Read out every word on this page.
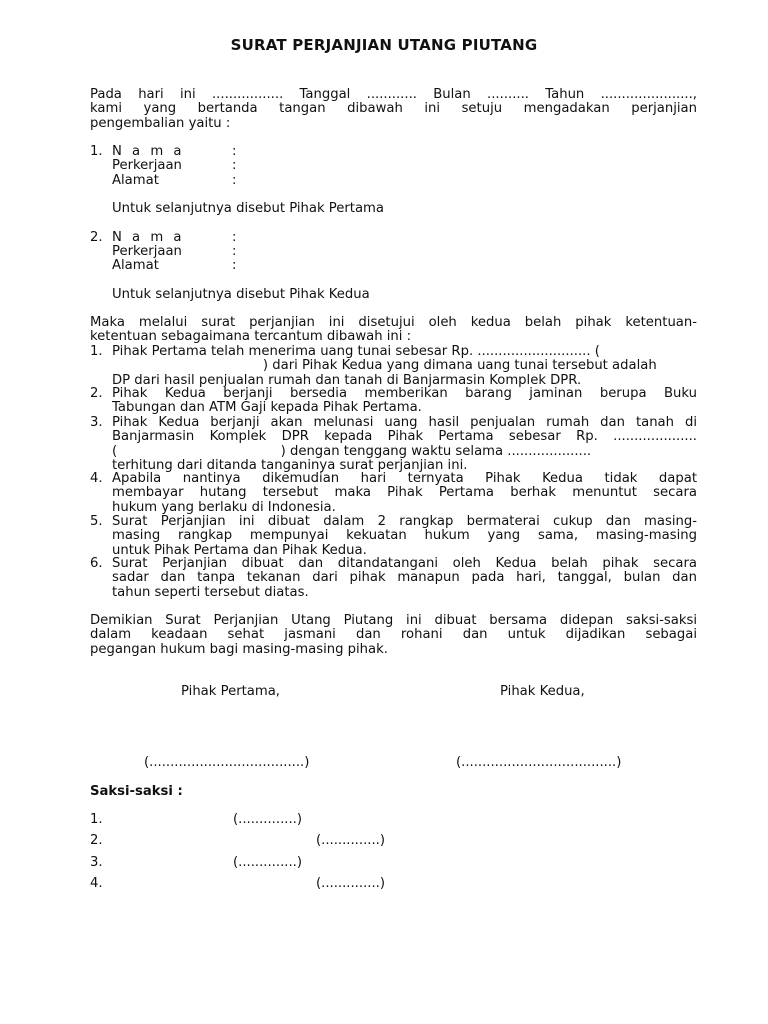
SURAT PERJANJIAN UTANG PIUTANG
Pada hari ini ................. Tanggal ............ Bulan .......... Tahun ......................,
kami yang bertanda tangan dibawah ini setuju mengadakan perjanjian
pengembalian yaitu :
1. N a m a	:
Perkerjaan	:
Alamat	:
Untuk selanjutnya disebut Pihak Pertama
2. N a m a	:
Perkerjaan	:
Alamat	:
Untuk selanjutnya disebut Pihak Kedua
Maka melalui surat perjanjian ini disetujui oleh kedua belah pihak ketentuan-
ketentuan sebagaimana tercantum dibawah ini :
1. Pihak Pertama telah menerima uang tunai sebesar Rp. ........................... (
) dari Pihak Kedua yang dimana uang tunai tersebut adalah
DP dari hasil penjualan rumah dan tanah di Banjarmasin Komplek DPR.
2. Pihak Kedua berjanji bersedia memberikan barang jaminan berupa Buku
Tabungan dan ATM Gaji kepada Pihak Pertama.
3. Pihak Kedua berjanji akan melunasi uang hasil penjualan rumah dan tanah di
Banjarmasin Komplek DPR kepada Pihak Pertama sebesar Rp. ....................
(                                       ) dengan tenggang waktu selama ....................
terhitung dari ditanda tanganinya surat perjanjian ini.
4. Apabila nantinya dikemudian hari ternyata Pihak Kedua tidak dapat
membayar hutang tersebut maka Pihak Pertama berhak menuntut secara
hukum yang berlaku di Indonesia.
5. Surat Perjanjian ini dibuat dalam 2 rangkap bermaterai cukup dan masing-
masing rangkap mempunyai kekuatan hukum yang sama, masing-masing
untuk Pihak Pertama dan Pihak Kedua.
6. Surat Perjanjian dibuat dan ditandatangani oleh Kedua belah pihak secara
sadar dan tanpa tekanan dari pihak manapun pada hari, tanggal, bulan dan
tahun seperti tersebut diatas.
Demikian Surat Perjanjian Utang Piutang ini dibuat bersama didepan saksi-saksi
dalam keadaan sehat jasmani dan rohani dan untuk dijadikan sebagai
pegangan hukum bagi masing-masing pihak.
Pihak Pertama,	Pihak Kedua,
(.....................................)	(.....................................)
Saksi-saksi :
1.	(..............)
2.	(..............)
3.	(..............)
4.	(..............)
